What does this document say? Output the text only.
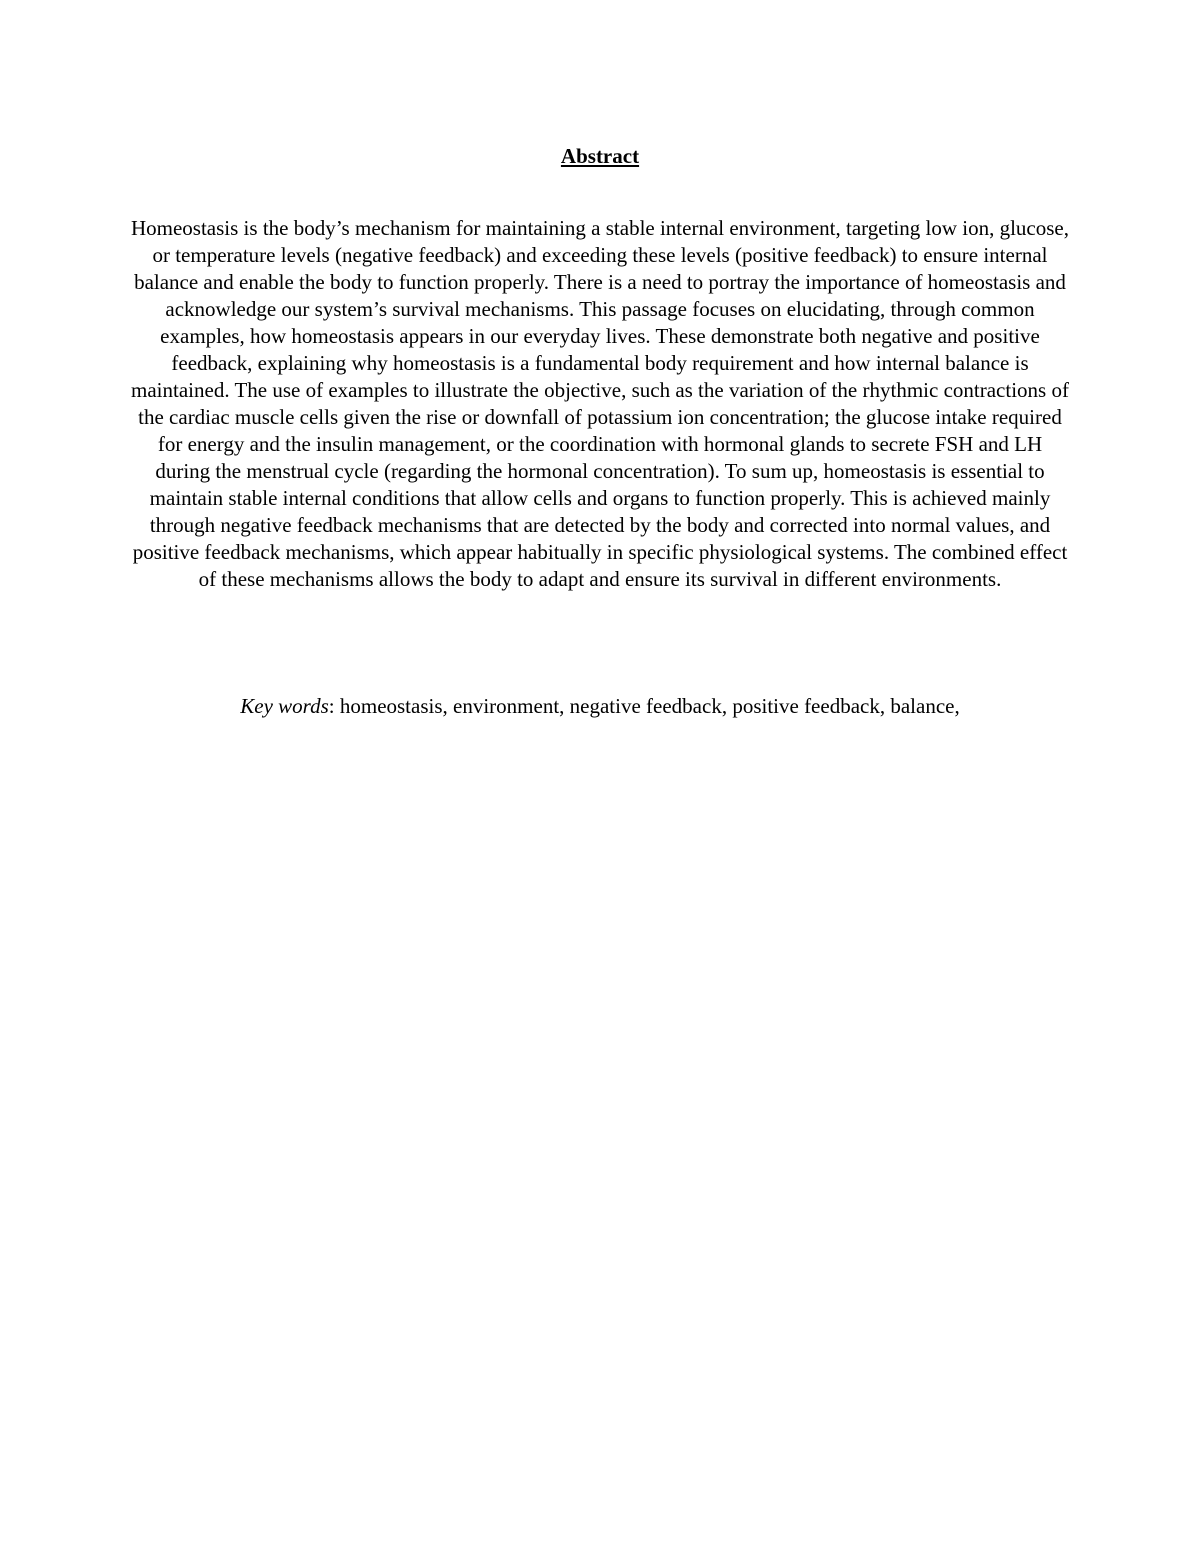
Abstract

Homeostasis is the body’s mechanism for maintaining a stable internal environment, targeting low ion, glucose, or temperature levels (negative feedback) and exceeding these levels (positive feedback) to ensure internal balance and enable the body to function properly. There is a need to portray the importance of homeostasis and acknowledge our system’s survival mechanisms. This passage focuses on elucidating, through common examples, how homeostasis appears in our everyday lives. These demonstrate both negative and positive feedback, explaining why homeostasis is a fundamental body requirement and how internal balance is maintained. The use of examples to illustrate the objective, such as the variation of the rhythmic contractions of the cardiac muscle cells given the rise or downfall of potassium ion concentration; the glucose intake required for energy and the insulin management, or the coordination with hormonal glands to secrete FSH and LH during the menstrual cycle (regarding the hormonal concentration). To sum up, homeostasis is essential to maintain stable internal conditions that allow cells and organs to function properly. This is achieved mainly through negative feedback mechanisms that are detected by the body and corrected into normal values, and positive feedback mechanisms, which appear habitually in specific physiological systems. The combined effect of these mechanisms allows the body to adapt and ensure its survival in different environments.

Key words: homeostasis, environment, negative feedback, positive feedback, balance,
